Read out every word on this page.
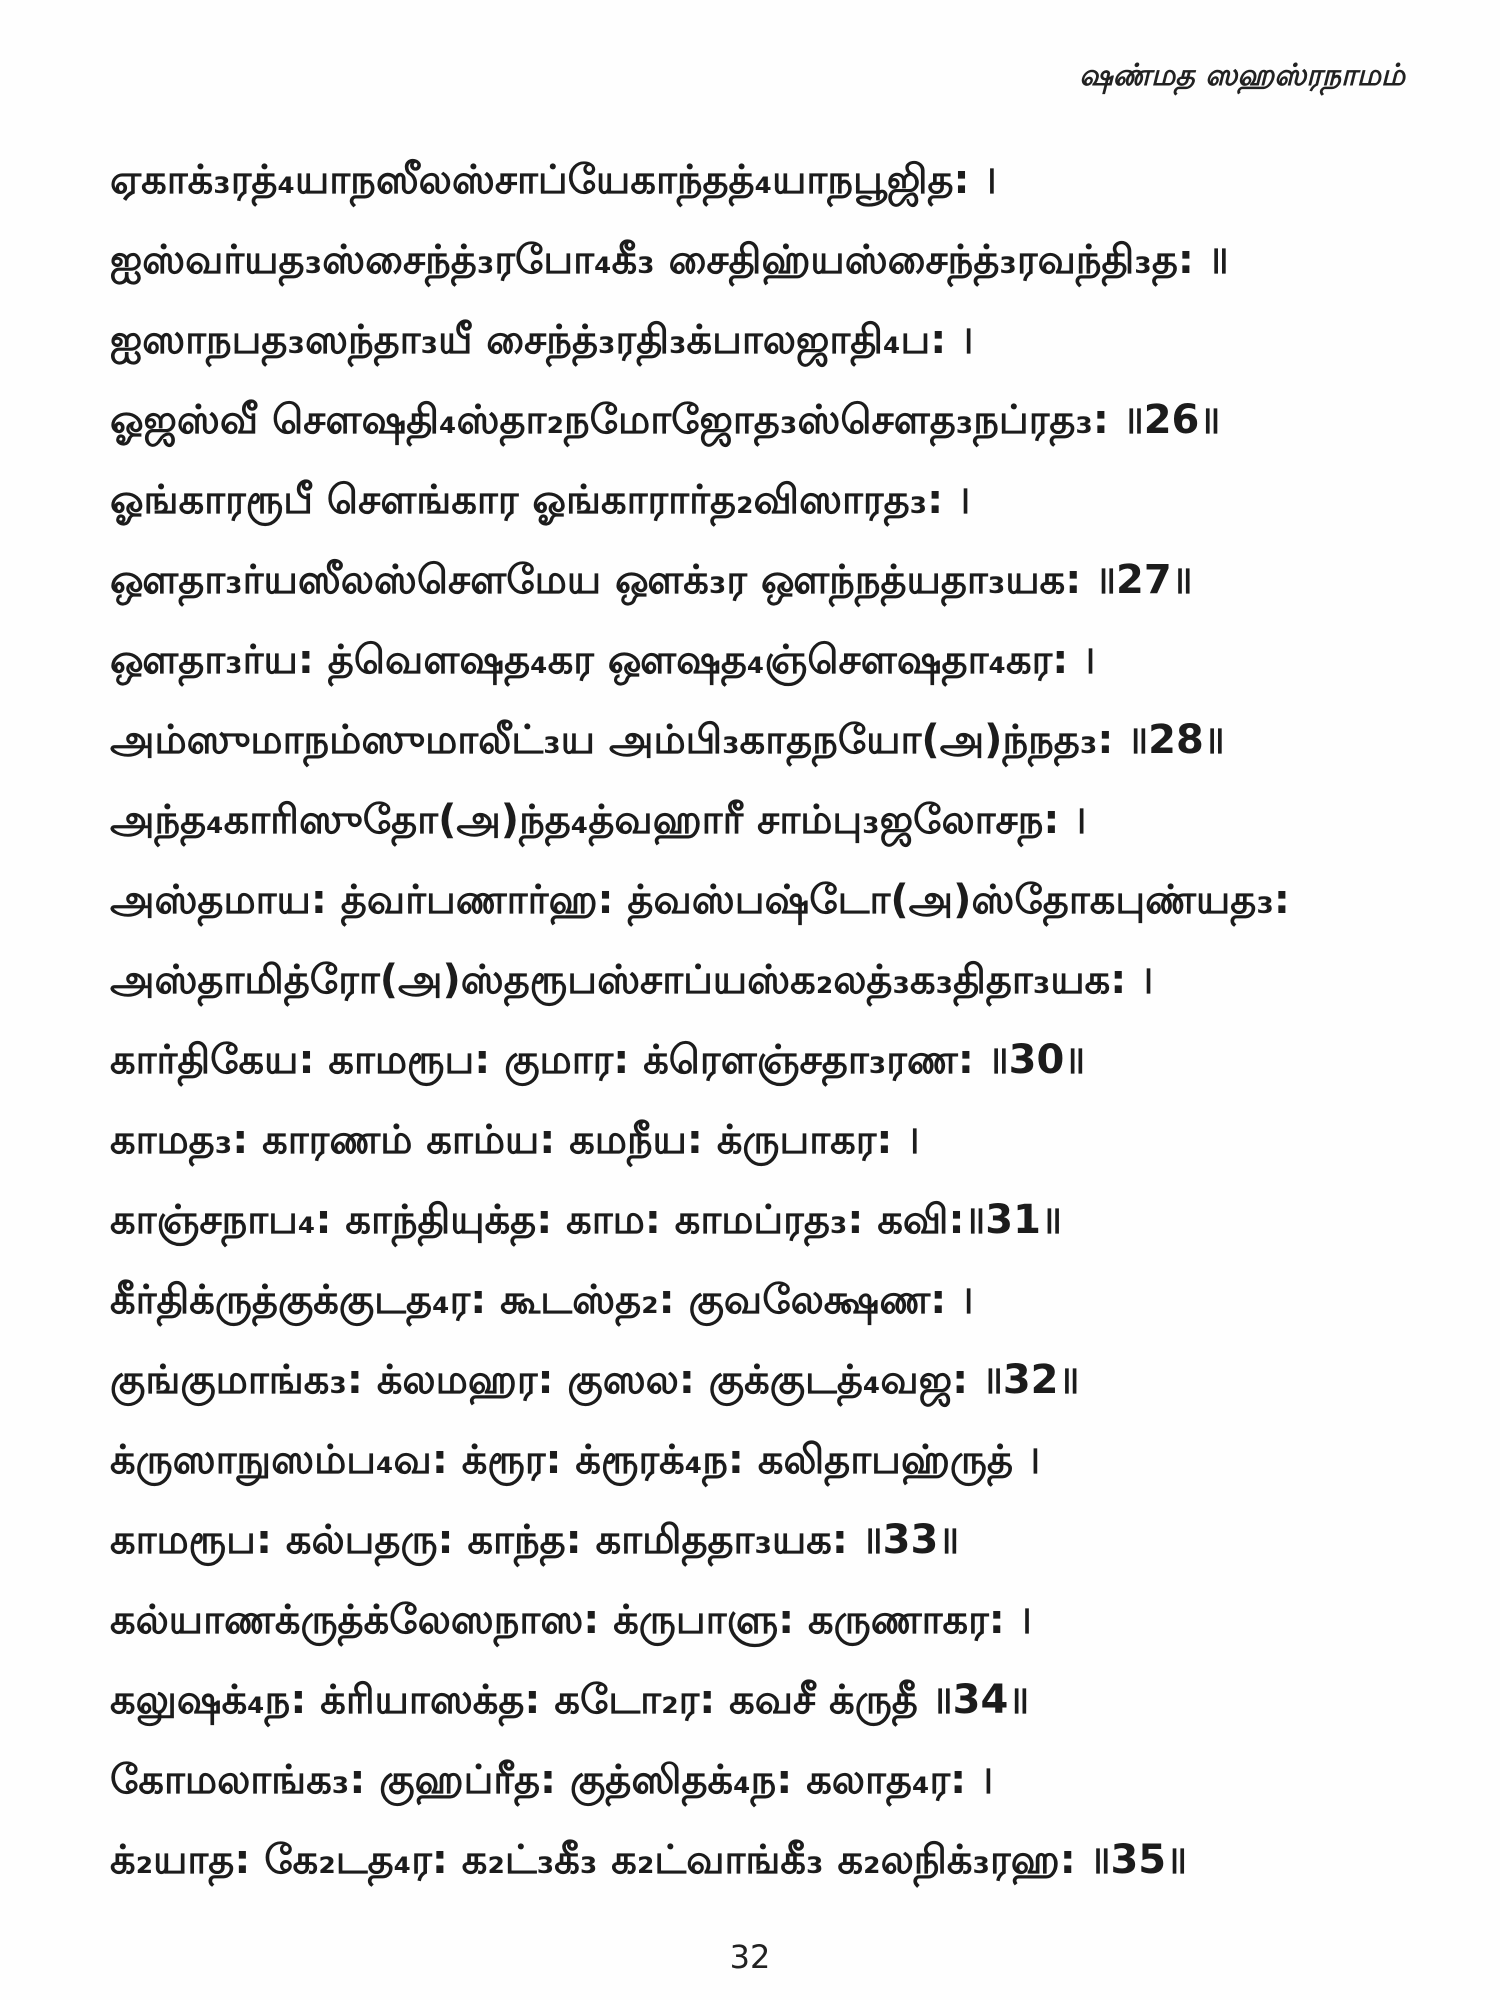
ஷண்மத ஸஹஸ்ரநாமம்
ஏகாக்₃ரத்₄யாநஸீலஸ்சாப்யேகாந்தத்₄யாநபூஜித꞉ ।
ஐஸ்வர்யத₃ஸ்சைந்த்₃ரபோ₄கீ₃ சைதிஹ்யஸ்சைந்த்₃ரவந்தி₃த꞉ ॥
ஐஸாநபத₃ஸந்தா₃யீ சைந்த்₃ரதி₃க்பாலஜாதி₄ப꞉ ।
ஓஜஸ்வீ சௌஷதி₄ஸ்தா₂நமோஜோத₃ஸ்சௌத₃நப்ரத₃꞉ ॥26॥
ஓங்காரரூபீ சௌங்கார ஓங்காரார்த₂விஸாரத₃꞉ ।
ஔதா₃ர்யஸீலஸ்சௌமேய ஔக்₃ர ஔந்நத்யதா₃யக꞉ ॥27॥
ஔதா₃ர்ய꞉ த்வௌஷத₄கர ஔஷத₄ஞ்சௌஷதா₄கர꞉ ।
அம்ஸுமாநம்ஸுமாலீட்₃ய அம்பி₃காதநயோ(அ)ந்நத₃꞉ ॥28॥
அந்த₄காரிஸுதோ(அ)ந்த₄த்வஹாரீ சாம்பு₃ஜலோசந꞉ ।
அஸ்தமாய꞉ த்வர்பணார்ஹ꞉ த்வஸ்பஷ்டோ(அ)ஸ்தோகபுண்யத₃꞉
அஸ்தாமித்ரோ(அ)ஸ்தரூபஸ்சாப்யஸ்க₂லத்₃க₃திதா₃யக꞉ ।
கார்திகேய꞉ காமரூப꞉ குமார꞉ க்ரௌஞ்சதா₃ரண꞉ ॥30॥
காமத₃꞉ காரணம் காம்ய꞉ கமநீய꞉ க்ருபாகர꞉ ।
காஞ்சநாப₄꞉ காந்தியுக்த꞉ காம꞉ காமப்ரத₃꞉ கவி꞉॥31॥
கீர்திக்ருத்குக்குடத₄ர꞉ கூடஸ்த₂꞉ குவலேக்ஷண꞉ ।
குங்குமாங்க₃꞉ க்லமஹர꞉ குஸல꞉ குக்குடத்₄வஜ꞉ ॥32॥
க்ருஸாநுஸம்ப₄வ꞉ க்ரூர꞉ க்ரூரக்₄ந꞉ கலிதாபஹ்ருத் ।
காமரூப꞉ கல்பதரு꞉ காந்த꞉ காமிததா₃யக꞉ ॥33॥
கல்யாணக்ருத்க்லேஸநாஸ꞉ க்ருபாளு꞉ கருணாகர꞉ ।
கலுஷக்₄ந꞉ க்ரியாஸக்த꞉ கடோ₂ர꞉ கவசீ க்ருதீ ॥34॥
கோமலாங்க₃꞉ குஹப்ரீத꞉ குத்ஸிதக்₄ந꞉ கலாத₄ர꞉ ।
க்₂யாத꞉ கே₂டத₄ர꞉ க₂ட்₃கீ₃ க₂ட்வாங்கீ₃ க₂லநிக்₃ரஹ꞉ ॥35॥
32
